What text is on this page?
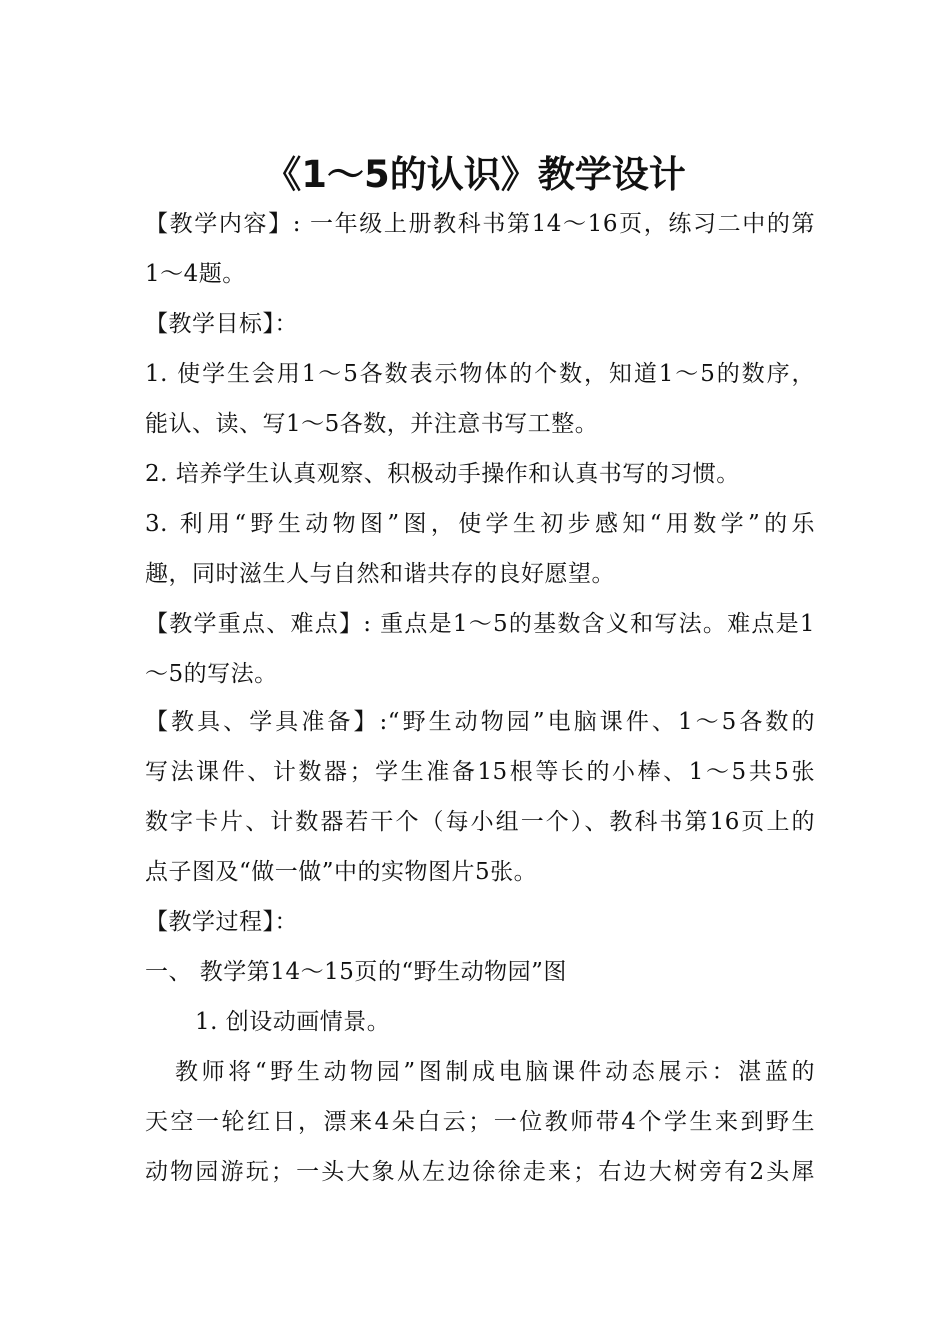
《1～5的认识》教学设计
【教学内容】: 一年级上册教科书第14～16页，练习二中的第
1～4题。
【教学目标】：
1. 使学生会用1～5各数表示物体的个数，知道1～5的数序，
能认、读、写1～5各数，并注意书写工整。
2. 培养学生认真观察、积极动手操作和认真书写的习惯。
3. 利用“野生动物图”图，使学生初步感知“用数学”的乐
趣，同时滋生人与自然和谐共存的良好愿望。
【教学重点、难点】: 重点是1～5的基数含义和写法。难点是1
～5的写法。
【教具、学具准备】:“野生动物园”电脑课件、1～5各数的
写法课件、计数器；学生准备15根等长的小棒、1～5共5张
数字卡片、计数器若干个（每小组一个）、教科书第16页上的
点子图及“做一做”中的实物图片5张。
【教学过程】：
一、 教学第14～15页的“野生动物园”图
1. 创设动画情景。
教师将“野生动物园”图制成电脑课件动态展示：湛蓝的
天空一轮红日，漂来4朵白云；一位教师带4个学生来到野生
动物园游玩；一头大象从左边徐徐走来；右边大树旁有2头犀
